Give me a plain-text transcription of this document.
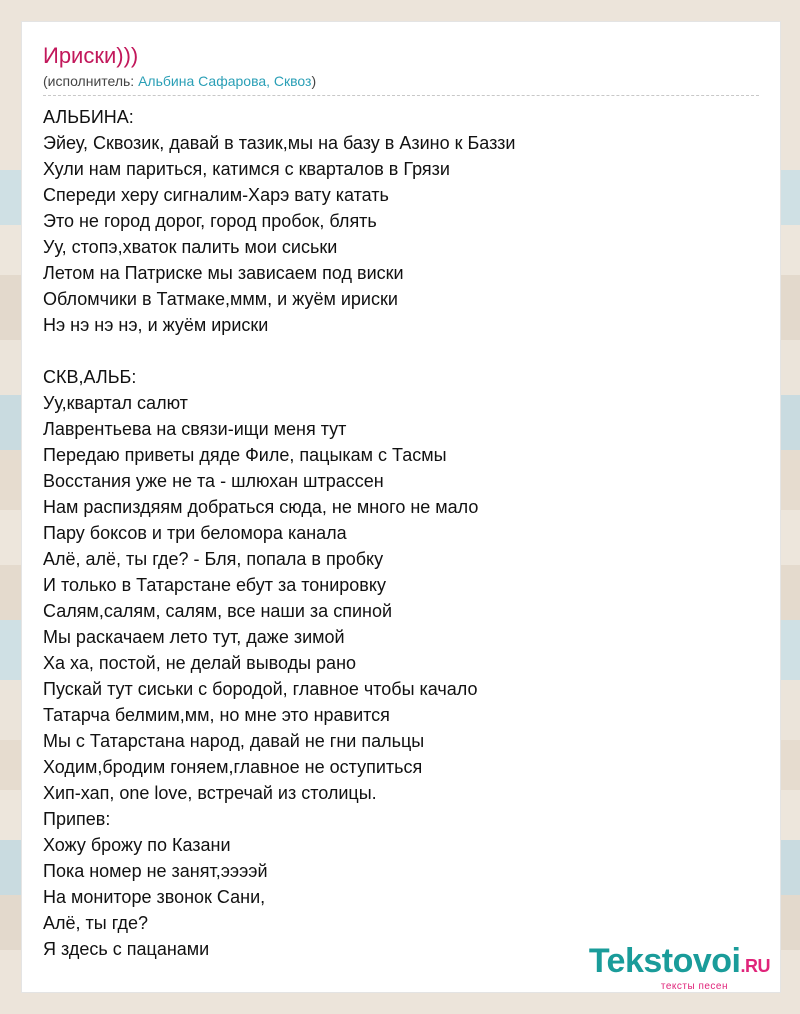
Ириски)))
(исполнитель: Альбина Сафарова, Сквоз)
АЛЬБИНА:
Эйеу, Сквозик, давай в тазик,мы на базу в Азино к Баззи
Хули нам париться, катимся с кварталов в Грязи
Спереди херу сигналим-Харэ вату катать
Это не город дорог, город пробок, блять
Уу, стопэ,хваток палить мои сиськи
Летом на Патриске мы зависаем под виски
Обломчики в Татмаке,ммм, и жуём ириски
Нэ нэ нэ нэ, и жуём ириски
СКВ,АЛЬБ:
Уу,квартал салют
Лаврентьева на связи-ищи меня тут
Передаю приветы дяде Филе, пацыкам с Тасмы
Восстания уже не та - шлюхан штрассен
Нам распиздяям добраться сюда, не много не мало
Пару боксов и три беломора канала
Алё, алё, ты где? - Бля, попала в пробку
И только в Татарстане ебут за тонировку
Салям,салям, салям, все наши за спиной
Мы раскачаем лето тут, даже зимой
Ха ха, постой, не делай выводы рано
Пускай тут сиськи с бородой, главное чтобы качало
Татарча белмим,мм, но мне это нравится
Мы с Татарстана народ, давай не гни пальцы
Ходим,бродим гоняем,главное не оступиться
Хип-хап, one love, встречай из столицы.
Припев:
Хожу брожу по Казани
Пока номер не занят,ээээй
На мониторе звонок Сани,
Алё, ты где?
Я здесь с пацанами	Tekstovoi.RU
тексты песен
